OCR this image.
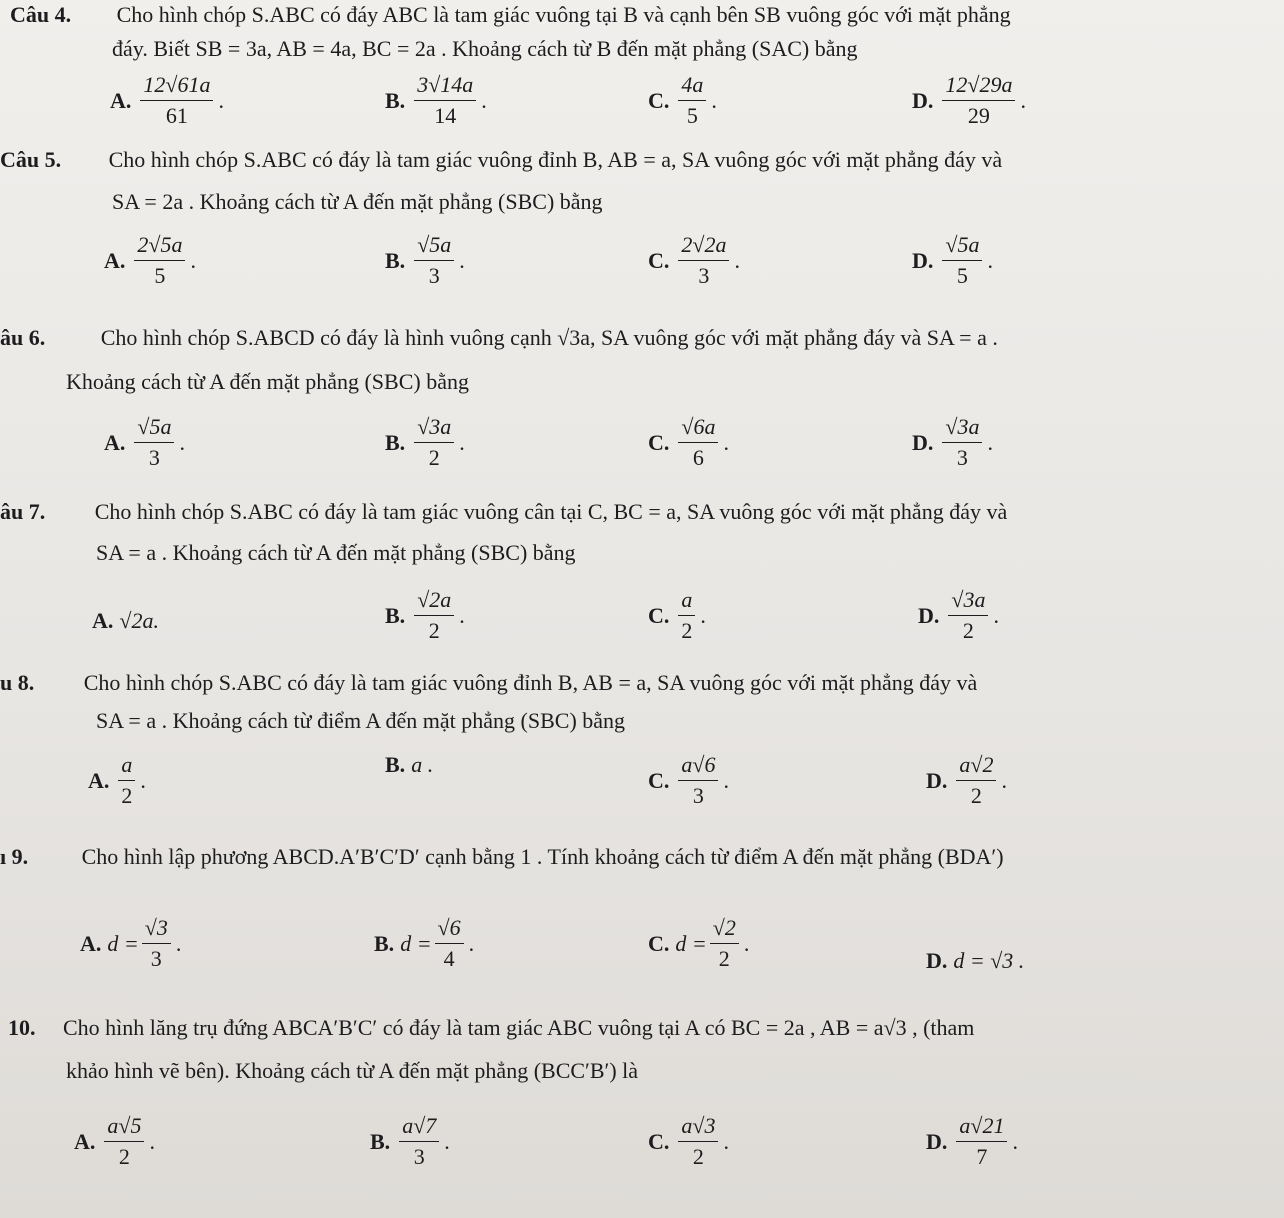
Câu 4. Cho hình chóp S.ABC có đáy ABC là tam giác vuông tại B và cạnh bên SB vuông góc với mặt phẳng
đáy. Biết SB = 3a, AB = 4a, BC = 2a . Khoảng cách từ B đến mặt phẳng (SAC) bằng
A. $\frac{12√61a}{61}$ .	B. $\frac{3√14a}{14}$ .	C. $\frac{4a}{5}$ .	D. $\frac{12√29a}{29}$ .
Câu 5. Cho hình chóp S.ABC có đáy là tam giác vuông đỉnh B, AB = a, SA vuông góc với mặt phẳng đáy và
SA = 2a . Khoảng cách từ A đến mặt phẳng (SBC) bằng
A. $\frac{2√5a}{5}$ .	B. $\frac{√5a}{3}$ .	C. $\frac{2√2a}{3}$ .	D. $\frac{√5a}{5}$ .
âu 6.	Cho hình chóp S.ABCD có đáy là hình vuông cạnh √3a, SA vuông góc với mặt phẳng đáy và SA = a .
Khoảng cách từ A đến mặt phẳng (SBC) bằng
A. $\frac{√5a}{3}$ .	B. $\frac{√3a}{2}$ .	C. $\frac{√6a}{6}$ .	D. $\frac{√3a}{3}$ .
âu 7. Cho hình chóp S.ABC có đáy là tam giác vuông cân tại C, BC = a, SA vuông góc với mặt phẳng đáy và
SA = a . Khoảng cách từ A đến mặt phẳng (SBC) bằng
A. √2a.	B. $\frac{√2a}{2}$ .	C. $\frac{a}{2}$ .	D. $\frac{√3a}{2}$ .
u 8. Cho hình chóp S.ABC có đáy là tam giác vuông đỉnh B, AB = a, SA vuông góc với mặt phẳng đáy và
SA = a . Khoảng cách từ điểm A đến mặt phẳng (SBC) bằng
A. $\frac{a}{2}$ .
B. a .
C. $\frac{a√6}{3}$ .	D. $\frac{a√2}{2}$ .
ı 9. Cho hình lập phương ABCD.A′B′C′D′ cạnh bằng 1 . Tính khoảng cách từ điểm A đến mặt phẳng (BDA′)
A. $d = \frac{√3}{3}$ .	B. $d = \frac{√6}{4}$ .	C. $d = \frac{√2}{2}$ .
D. d = √3 .
10. Cho hình lăng trụ đứng ABCA′B′C′ có đáy là tam giác ABC vuông tại A có BC = 2a , AB = a√3 , (tham
khảo hình vẽ bên). Khoảng cách từ A đến mặt phẳng (BCC′B′) là
A. $\frac{a√5}{2}$ .	B. $\frac{a√7}{3}$ .	C. $\frac{a√3}{2}$ .	D. $\frac{a√21}{7}$ .
